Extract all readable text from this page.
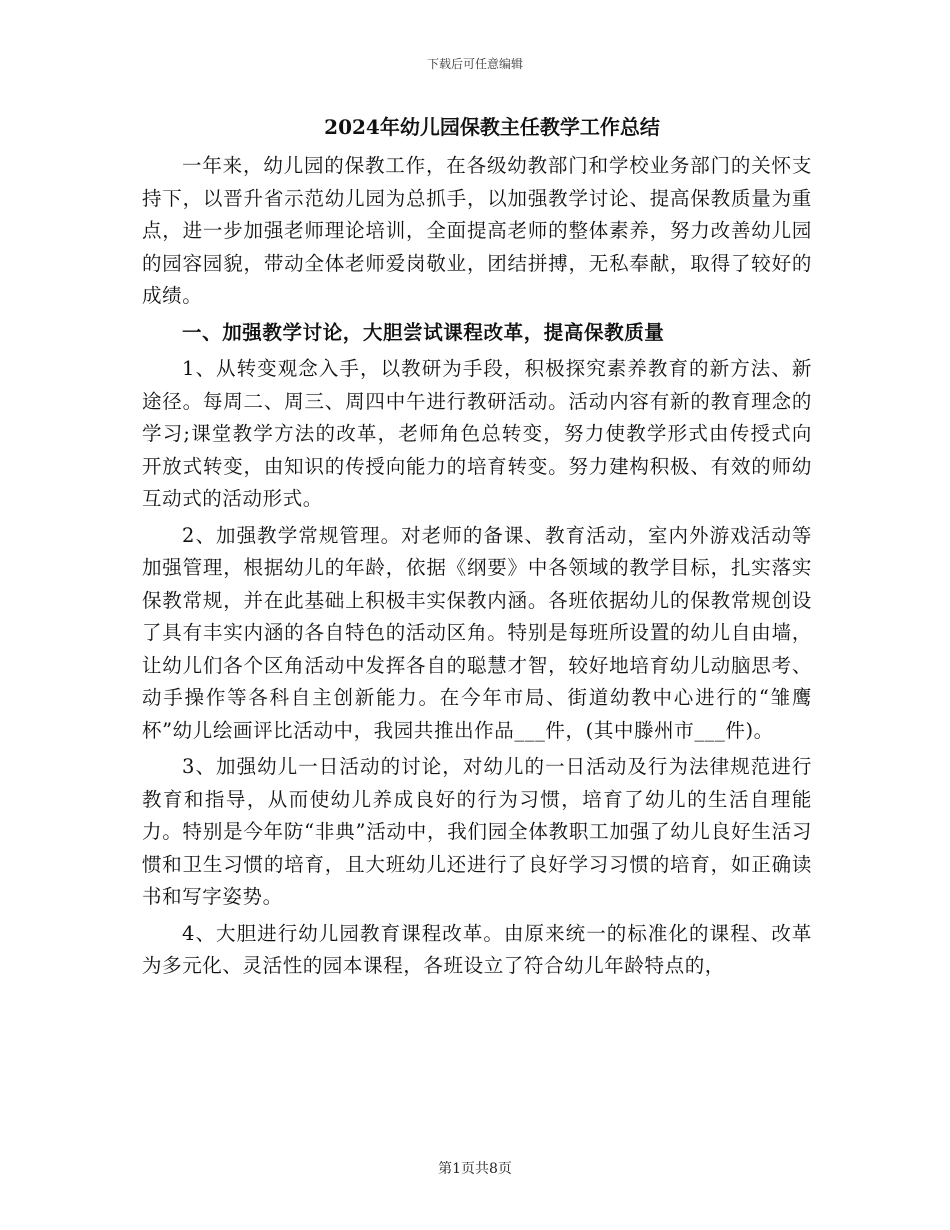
下载后可任意编辑
2024年幼儿园保教主任教学工作总结

一年来，幼儿园的保教工作，在各级幼教部门和学校业务部门的关怀支持下，以晋升省示范幼儿园为总抓手，以加强教学讨论、提高保教质量为重点，进一步加强老师理论培训，全面提高老师的整体素养，努力改善幼儿园的园容园貌，带动全体老师爱岗敬业，团结拼搏，无私奉献，取得了较好的成绩。

一、加强教学讨论，大胆尝试课程改革，提高保教质量

1、从转变观念入手，以教研为手段，积极探究素养教育的新方法、新途径。每周二、周三、周四中午进行教研活动。活动内容有新的教育理念的学习;课堂教学方法的改革，老师角色总转变，努力使教学形式由传授式向开放式转变，由知识的传授向能力的培育转变。努力建构积极、有效的师幼互动式的活动形式。

2、加强教学常规管理。对老师的备课、教育活动，室内外游戏活动等加强管理，根据幼儿的年龄，依据《纲要》中各领域的教学目标，扎实落实保教常规，并在此基础上积极丰实保教内涵。各班依据幼儿的保教常规创设了具有丰实内涵的各自特色的活动区角。特别是每班所设置的幼儿自由墙，让幼儿们各个区角活动中发挥各自的聪慧才智，较好地培育幼儿动脑思考、动手操作等各科自主创新能力。在今年市局、街道幼教中心进行的“雏鹰杯”幼儿绘画评比活动中，我园共推出作品___件，(其中滕州市___件)。

3、加强幼儿一日活动的讨论，对幼儿的一日活动及行为法律规范进行教育和指导，从而使幼儿养成良好的行为习惯，培育了幼儿的生活自理能力。特别是今年防“非典”活动中，我们园全体教职工加强了幼儿良好生活习惯和卫生习惯的培育，且大班幼儿还进行了良好学习习惯的培育，如正确读书和写字姿势。

4、大胆进行幼儿园教育课程改革。由原来统一的标准化的课程、改革为多元化、灵活性的园本课程，各班设立了符合幼儿年龄特点的，

第1页共8页
